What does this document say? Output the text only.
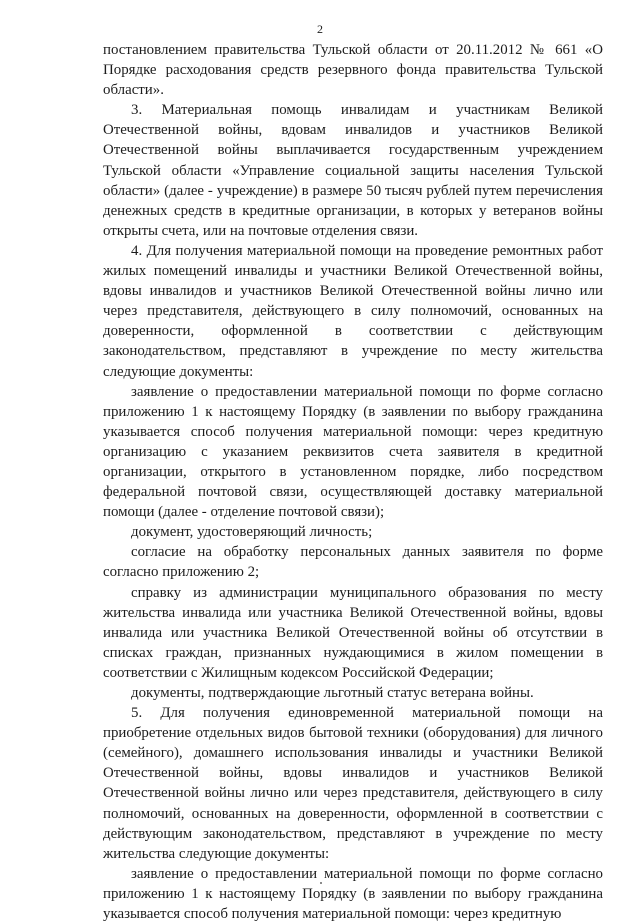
2

постановлением правительства Тульской области от 20.11.2012 № 661 «О Порядке расходования средств резервного фонда правительства Тульской области».

3. Материальная помощь инвалидам и участникам Великой Отечественной войны, вдовам инвалидов и участников Великой Отечественной войны выплачивается государственным учреждением Тульской области «Управление социальной защиты населения Тульской области» (далее - учреждение) в размере 50 тысяч рублей путем перечисления денежных средств в кредитные организации, в которых у ветеранов войны открыты счета, или на почтовые отделения связи.

4. Для получения материальной помощи на проведение ремонтных работ жилых помещений инвалиды и участники Великой Отечественной войны, вдовы инвалидов и участников Великой Отечественной войны лично или через представителя, действующего в силу полномочий, основанных на доверенности, оформленной в соответствии с действующим законодательством, представляют в учреждение по месту жительства следующие документы:

заявление о предоставлении материальной помощи по форме согласно приложению 1 к настоящему Порядку (в заявлении по выбору гражданина указывается способ получения материальной помощи: через кредитную организацию с указанием реквизитов счета заявителя в кредитной организации, открытого в установленном порядке, либо посредством федеральной почтовой связи, осуществляющей доставку материальной помощи (далее - отделение почтовой связи);

документ, удостоверяющий личность;

согласие на обработку персональных данных заявителя по форме согласно приложению 2;

справку из администрации муниципального образования по месту жительства инвалида или участника Великой Отечественной войны, вдовы инвалида или участника Великой Отечественной войны об отсутствии в списках граждан, признанных нуждающимися в жилом помещении в соответствии с Жилищным кодексом Российской Федерации;

документы, подтверждающие льготный статус ветерана войны.

5. Для получения единовременной материальной помощи на приобретение отдельных видов бытовой техники (оборудования) для личного (семейного), домашнего использования инвалиды и участники Великой Отечественной войны, вдовы инвалидов и участников Великой Отечественной войны лично или через представителя, действующего в силу полномочий, основанных на доверенности, оформленной в соответствии с действующим законодательством, представляют в учреждение по месту жительства следующие документы:

заявление о предоставлении материальной помощи по форме согласно приложению 1 к настоящему Порядку (в заявлении по выбору гражданина указывается способ получения материальной помощи: через кредитную
